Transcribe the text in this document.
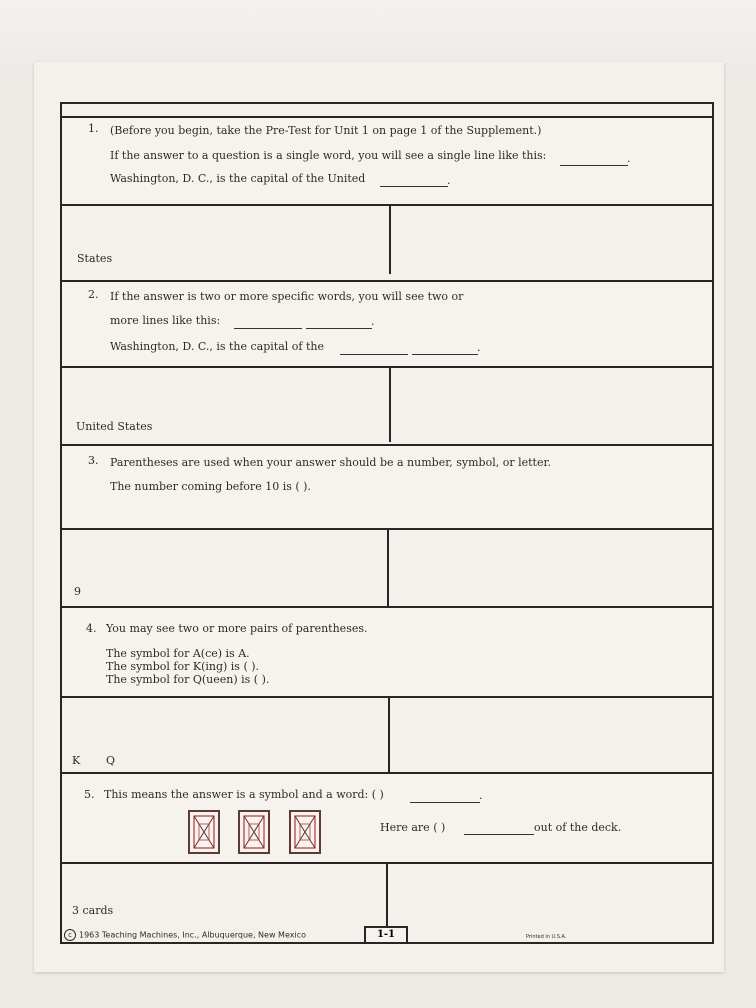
1. (Before you begin, take the Pre-Test for Unit 1 on page 1 of the Supplement.)
If the answer to a question is a single word, you will see a single line like this:	.
Washington, D. C., is the capital of the United	.
States
2. If the answer is two or more specific words, you will see two or
more lines like this:	.
Washington, D. C., is the capital of the	.
United States
3. Parentheses are used when your answer should be a number, symbol, or letter.
The number coming before 10 is ( ).
9
4. You may see two or more pairs of parentheses.
The symbol for A(ce) is A.
The symbol for K(ing) is ( ).
The symbol for Q(ueen) is ( ).
K Q
5. This means the answer is a symbol and a word: ( )	.
Here are ( )	out of the deck.
3 cards
c 1963 Teaching Machines, Inc., Albuquerque, New Mexico	1-1	Printed in U.S.A.
